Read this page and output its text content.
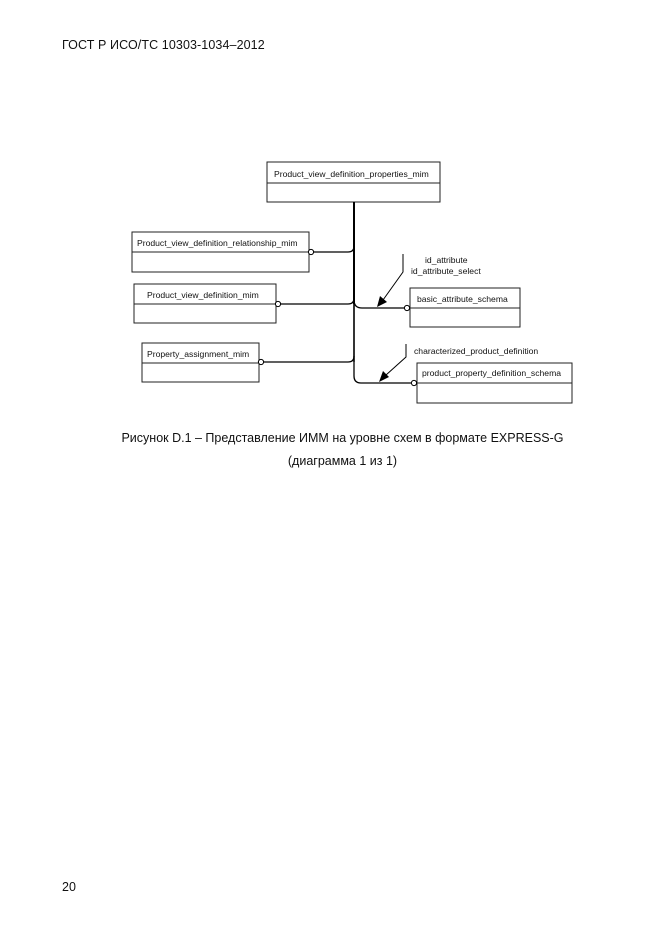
ГОСТ Р ИСО/ТС 10303-1034–2012
Product_view_definition_properties_mim
Product_view_definition_relationship_mim
Product_view_definition_mim
Property_assignment_mim
basic_attribute_schema
product_property_definition_schema
id_attribute
id_attribute_select
characterized_product_definition
Рисунок D.1 – Представление ИММ на уровне схем в формате EXPRESS-G
(диаграмма 1 из 1)
20
